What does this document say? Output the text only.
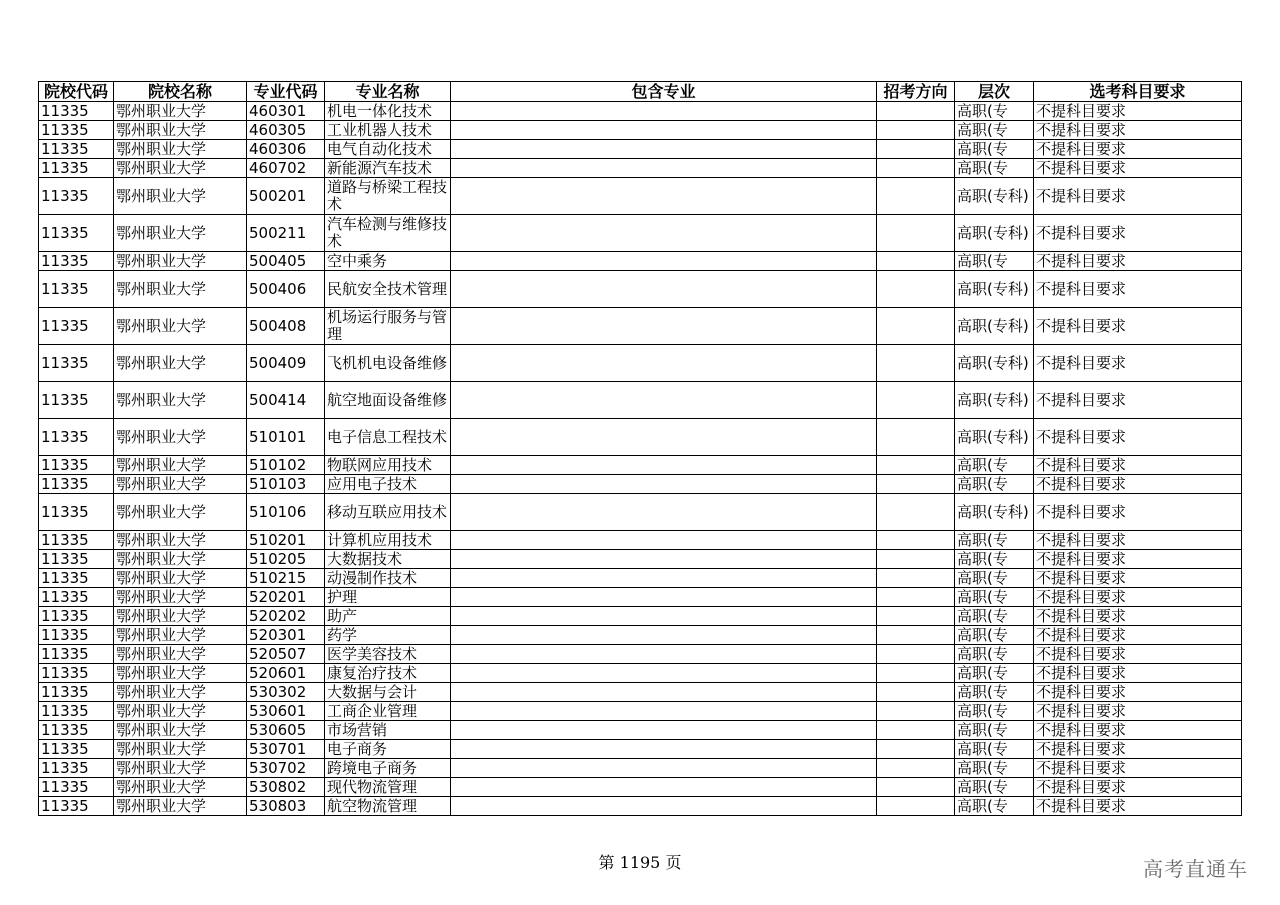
院校代码	院校名称	专业代码	专业名称	包含专业	招考方向	层次	选考科目要求
11335	鄂州职业大学	460301	机电一体化技术			高职(专	不提科目要求
11335	鄂州职业大学	460305	工业机器人技术			高职(专	不提科目要求
11335	鄂州职业大学	460306	电气自动化技术			高职(专	不提科目要求
11335	鄂州职业大学	460702	新能源汽车技术			高职(专	不提科目要求
11335	鄂州职业大学	500201	道路与桥梁工程技术			高职(专科)	不提科目要求
11335	鄂州职业大学	500211	汽车检测与维修技术			高职(专科)	不提科目要求
11335	鄂州职业大学	500405	空中乘务			高职(专	不提科目要求
11335	鄂州职业大学	500406	民航安全技术管理			高职(专科)	不提科目要求
11335	鄂州职业大学	500408	机场运行服务与管理			高职(专科)	不提科目要求
11335	鄂州职业大学	500409	飞机机电设备维修			高职(专科)	不提科目要求
11335	鄂州职业大学	500414	航空地面设备维修			高职(专科)	不提科目要求
11335	鄂州职业大学	510101	电子信息工程技术			高职(专科)	不提科目要求
11335	鄂州职业大学	510102	物联网应用技术			高职(专	不提科目要求
11335	鄂州职业大学	510103	应用电子技术			高职(专	不提科目要求
11335	鄂州职业大学	510106	移动互联应用技术			高职(专科)	不提科目要求
11335	鄂州职业大学	510201	计算机应用技术			高职(专	不提科目要求
11335	鄂州职业大学	510205	大数据技术			高职(专	不提科目要求
11335	鄂州职业大学	510215	动漫制作技术			高职(专	不提科目要求
11335	鄂州职业大学	520201	护理			高职(专	不提科目要求
11335	鄂州职业大学	520202	助产			高职(专	不提科目要求
11335	鄂州职业大学	520301	药学			高职(专	不提科目要求
11335	鄂州职业大学	520507	医学美容技术			高职(专	不提科目要求
11335	鄂州职业大学	520601	康复治疗技术			高职(专	不提科目要求
11335	鄂州职业大学	530302	大数据与会计			高职(专	不提科目要求
11335	鄂州职业大学	530601	工商企业管理			高职(专	不提科目要求
11335	鄂州职业大学	530605	市场营销			高职(专	不提科目要求
11335	鄂州职业大学	530701	电子商务			高职(专	不提科目要求
11335	鄂州职业大学	530702	跨境电子商务			高职(专	不提科目要求
11335	鄂州职业大学	530802	现代物流管理			高职(专	不提科目要求
11335	鄂州职业大学	530803	航空物流管理			高职(专	不提科目要求
第 1195 页	高考直通车
